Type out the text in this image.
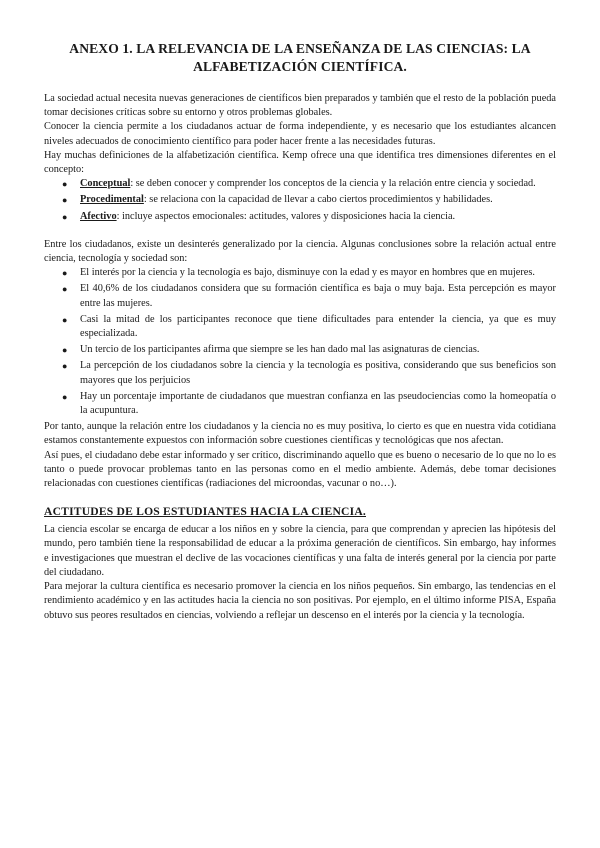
ANEXO 1. LA RELEVANCIA DE LA ENSEÑANZA DE LAS CIENCIAS: LA ALFABETIZACIÓN CIENTÍFICA.

La sociedad actual necesita nuevas generaciones de científicos bien preparados y también que el resto de la población pueda tomar decisiones críticas sobre su entorno y otros problemas globales.

Conocer la ciencia permite a los ciudadanos actuar de forma independiente, y es necesario que los estudiantes alcancen niveles adecuados de conocimiento científico para poder hacer frente a las necesidades futuras.

Hay muchas definiciones de la alfabetización científica. Kemp ofrece una que identifica tres dimensiones diferentes en el concepto:

● Conceptual: se deben conocer y comprender los conceptos de la ciencia y la relación entre ciencia y sociedad.
● Procedimental: se relaciona con la capacidad de llevar a cabo ciertos procedimientos y habilidades.
● Afectivo: incluye aspectos emocionales: actitudes, valores y disposiciones hacia la ciencia.

Entre los ciudadanos, existe un desinterés generalizado por la ciencia. Algunas conclusiones sobre la relación actual entre ciencia, tecnología y sociedad son:

● El interés por la ciencia y la tecnología es bajo, disminuye con la edad y es mayor en hombres que en mujeres.
● El 40,6% de los ciudadanos considera que su formación científica es baja o muy baja. Esta percepción es mayor entre las mujeres.
● Casi la mitad de los participantes reconoce que tiene dificultades para entender la ciencia, ya que es muy especializada.
● Un tercio de los participantes afirma que siempre se les han dado mal las asignaturas de ciencias.
● La percepción de los ciudadanos sobre la ciencia y la tecnología es positiva, considerando que sus beneficios son mayores que los perjuicios
● Hay un porcentaje importante de ciudadanos que muestran confianza en las pseudociencias como la homeopatía o la acupuntura.

Por tanto, aunque la relación entre los ciudadanos y la ciencia no es muy positiva, lo cierto es que en nuestra vida cotidiana estamos constantemente expuestos con información sobre cuestiones científicas y tecnológicas que nos afectan.

Así pues, el ciudadano debe estar informado y ser crítico, discriminando aquello que es bueno o necesario de lo que no lo es tanto o puede provocar problemas tanto en las personas como en el medio ambiente. Además, debe tomar decisiones relacionadas con cuestiones científicas (radiaciones del microondas, vacunar o no…).

ACTITUDES DE LOS ESTUDIANTES HACIA LA CIENCIA.

La ciencia escolar se encarga de educar a los niños en y sobre la ciencia, para que comprendan y aprecien las hipótesis del mundo, pero también tiene la responsabilidad de educar a la próxima generación de científicos. Sin embargo, hay informes e investigaciones que muestran el declive de las vocaciones científicas y una falta de interés general por la ciencia por parte del ciudadano.

Para mejorar la cultura científica es necesario promover la ciencia en los niños pequeños. Sin embargo, las tendencias en el rendimiento académico y en las actitudes hacia la ciencia no son positivas. Por ejemplo, en el último informe PISA, España obtuvo sus peores resultados en ciencias, volviendo a reflejar un descenso en el interés por la ciencia y la tecnología.
